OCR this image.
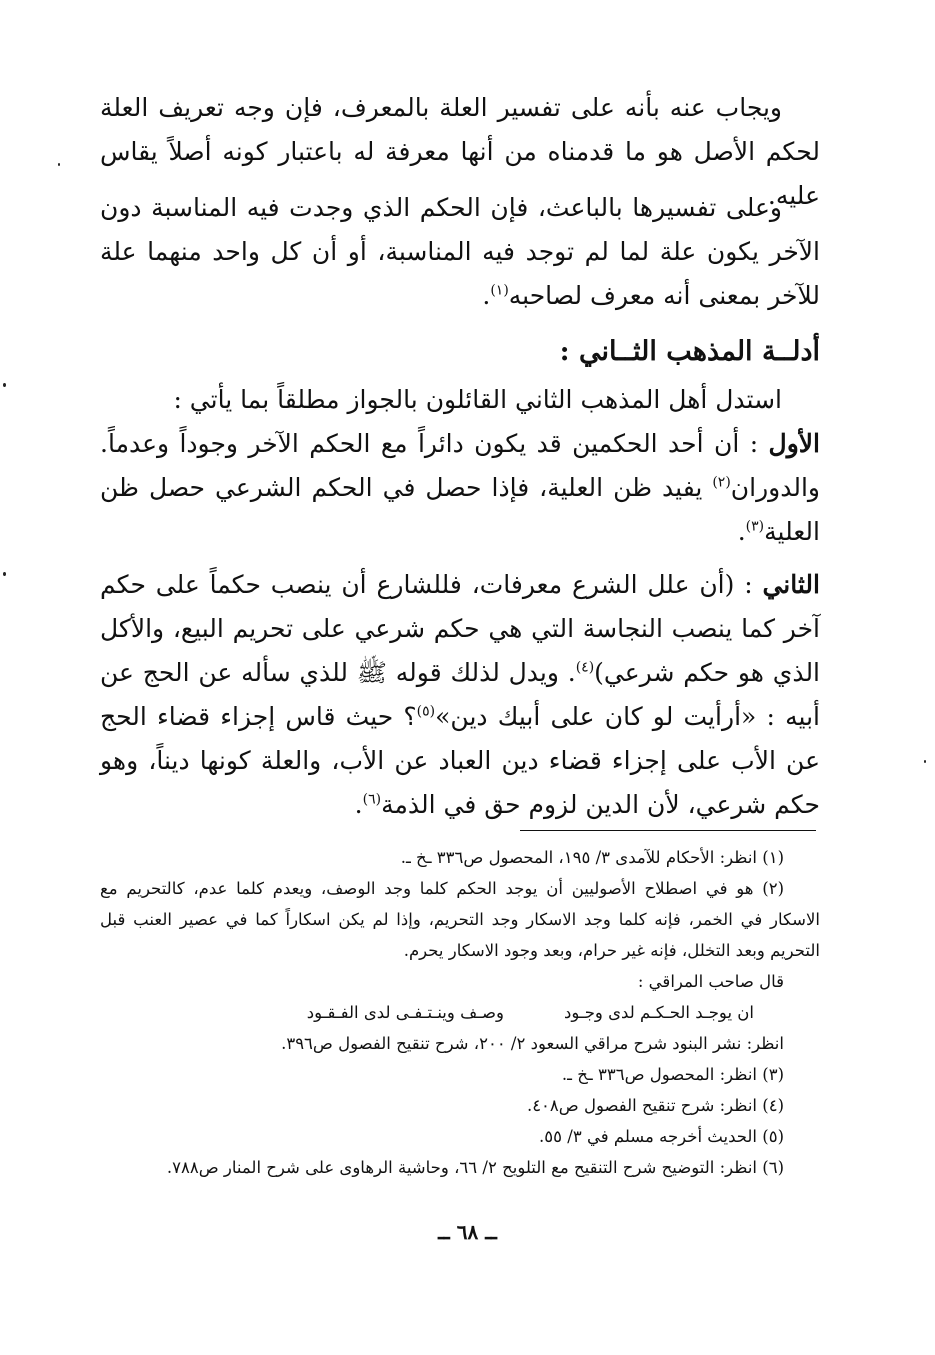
ويجاب عنه بأنه على تفسير العلة بالمعرف، فإن وجه تعريف العلة لحكم الأصل هو ما قدمناه من أنها معرفة له باعتبار كونه أصلاً يقاس عليه.

وعلى تفسيرها بالباعث، فإن الحكم الذي وجدت فيه المناسبة دون الآخر يكون علة لما لم توجد فيه المناسبة، أو أن كل واحد منهما علة للآخر بمعنى أنه معرف لصاحبه$^{(١)}$.

أدلــة المذهب الثــاني :

استدل أهل المذهب الثاني القائلون بالجواز مطلقاً بما يأتي :

الأول : أن أحد الحكمين قد يكون دائراً مع الحكم الآخر وجوداً وعدماً. والدوران$^{(٢)}$ يفيد ظن العلية، فإذا حصل في الحكم الشرعي حصل ظن العلية$^{(٣)}$.

الثاني : (أن علل الشرع معرفات، فللشارع أن ينصب حكماً على حكم آخر كما ينصب النجاسة التي هي حكم شرعي على تحريم البيع، والأكل الذي هو حكم شرعي)$^{(٤)}$. ويدل لذلك قوله ﷺ للذي سأله عن الحج عن أبيه : «أرأيت لو كان على أبيك دين»$^{(٥)}$؟ حيث قاس إجزاء قضاء الحج عن الأب على إجزاء قضاء دين العباد عن الأب، والعلة كونها ديناً، وهو حكم شرعي، لأن الدين لزوم حق في الذمة$^{(٦)}$.

(١) انظر: الأحكام للآمدى ٣/ ١٩٥، المحصول ص٣٣٦ ـخ ـ.

(٢) هو في اصطلاح الأصوليين أن يوجد الحكم كلما وجد الوصف، ويعدم كلما عدم، كالتحريم مع الاسكار في الخمر، فإنه كلما وجد الاسكار وجد التحريم، وإذا لم يكن اسكاراً كما في عصير العنب قبل التحريم وبعد التخلل، فإنه غير حرام، وبعد وجود الاسكار يحرم.

قال صاحب المراقي :

ان يوجـد الحـكـم لدى وجـود
وصـف وينـتـفـى لدى الفـقـود

انظر: نشر البنود شرح مراقي السعود ٢/ ٢٠٠، شرح تنقيح الفصول ص٣٩٦.

(٣) انظر: المحصول ص٣٣٦ ـخ ـ.

(٤) انظر: شرح تنقيح الفصول ص٤٠٨.

(٥) الحديث أخرجه مسلم في ٣/ ٥٥.

(٦) انظر: التوضيح شرح التنقيح مع التلويح ٢/ ٦٦، وحاشية الرهاوى على شرح المنار ص٧٨٨.

ــ ٦٨ ــ
